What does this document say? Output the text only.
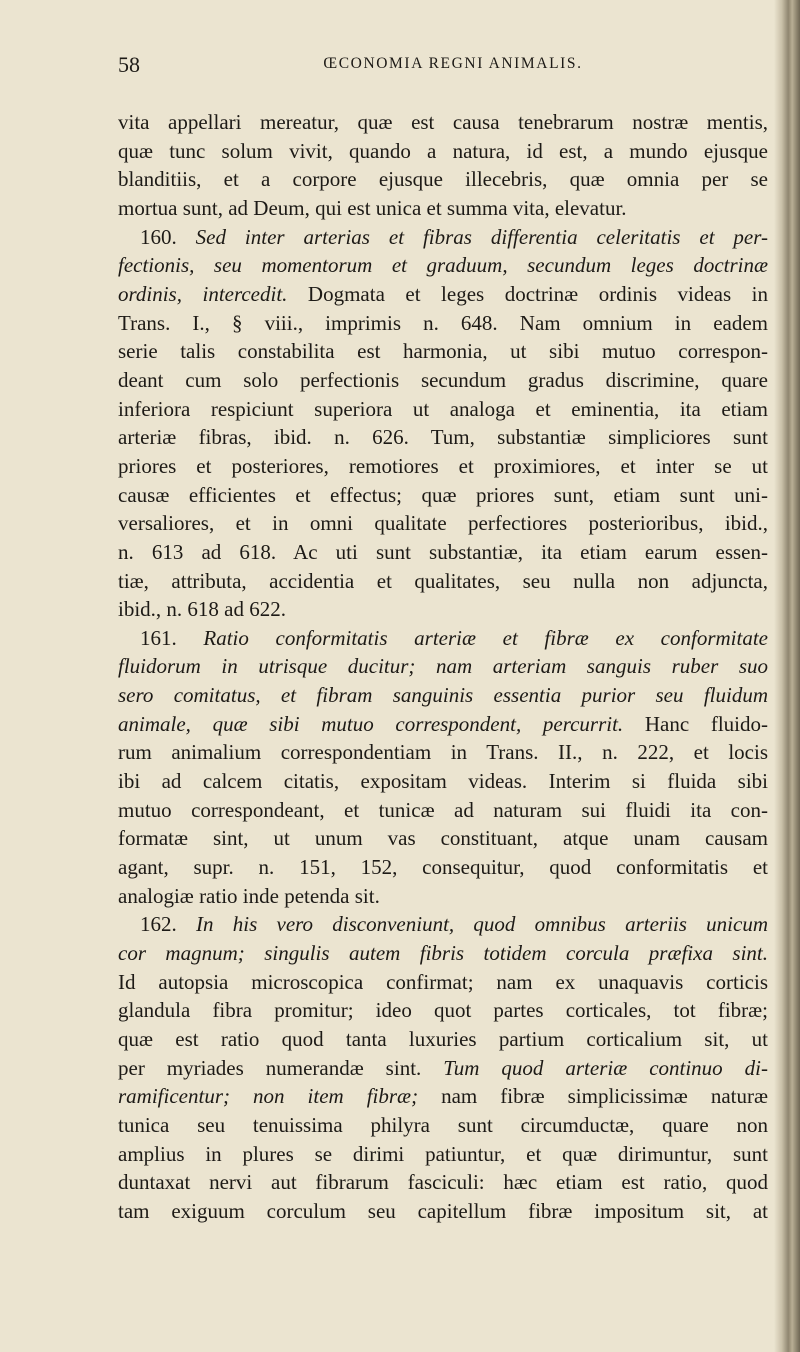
58	ŒCONOMIA REGNI ANIMALIS.
vita appellari mereatur, quæ est causa tenebrarum nostræ mentis,
quæ tunc solum vivit, quando a natura, id est, a mundo ejusque
blanditiis, et a corpore ejusque illecebris, quæ omnia per se
mortua sunt, ad Deum, qui est unica et summa vita, elevatur.
160. Sed inter arterias et fibras differentia celeritatis et per-
fectionis, seu momentorum et graduum, secundum leges doctrinæ
ordinis, intercedit. Dogmata et leges doctrinæ ordinis videas in
Trans. I., § viii., imprimis n. 648. Nam omnium in eadem
serie talis constabilita est harmonia, ut sibi mutuo correspon-
deant cum solo perfectionis secundum gradus discrimine, quare
inferiora respiciunt superiora ut analoga et eminentia, ita etiam
arteriæ fibras, ibid. n. 626. Tum, substantiæ simpliciores sunt
priores et posteriores, remotiores et proximiores, et inter se ut
causæ efficientes et effectus; quæ priores sunt, etiam sunt uni-
versaliores, et in omni qualitate perfectiores posterioribus, ibid.,
n. 613 ad 618. Ac uti sunt substantiæ, ita etiam earum essen-
tiæ, attributa, accidentia et qualitates, seu nulla non adjuncta,
ibid., n. 618 ad 622.
161. Ratio conformitatis arteriæ et fibræ ex conformitate
fluidorum in utrisque ducitur; nam arteriam sanguis ruber suo
sero comitatus, et fibram sanguinis essentia purior seu fluidum
animale, quæ sibi mutuo correspondent, percurrit. Hanc fluido-
rum animalium correspondentiam in Trans. II., n. 222, et locis
ibi ad calcem citatis, expositam videas. Interim si fluida sibi
mutuo correspondeant, et tunicæ ad naturam sui fluidi ita con-
formatæ sint, ut unum vas constituant, atque unam causam
agant, supr. n. 151, 152, consequitur, quod conformitatis et
analogiæ ratio inde petenda sit.
162. In his vero disconveniunt, quod omnibus arteriis unicum
cor magnum; singulis autem fibris totidem corcula præfixa sint.
Id autopsia microscopica confirmat; nam ex unaquavis corticis
glandula fibra promitur; ideo quot partes corticales, tot fibræ;
quæ est ratio quod tanta luxuries partium corticalium sit, ut
per myriades numerandæ sint. Tum quod arteriæ continuo di-
ramificentur; non item fibræ; nam fibræ simplicissimæ naturæ
tunica seu tenuissima philyra sunt circumductæ, quare non
amplius in plures se dirimi patiuntur, et quæ dirimuntur, sunt
duntaxat nervi aut fibrarum fasciculi: hæc etiam est ratio, quod
tam exiguum corculum seu capitellum fibræ impositum sit, at
